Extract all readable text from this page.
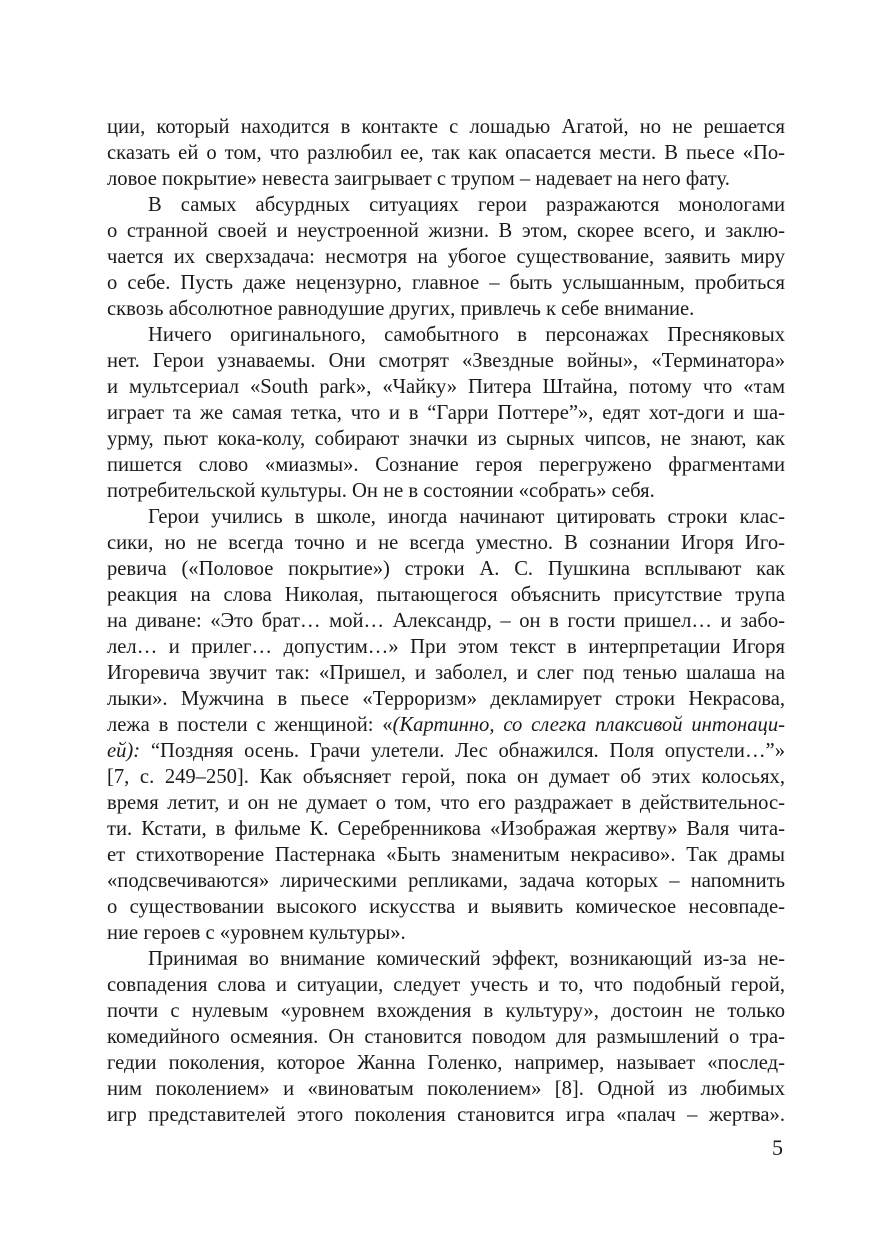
ции, который находится в контакте с лошадью Агатой, но не решается
сказать ей о том, что разлюбил ее, так как опасается мести. В пьесе «По-
ловое покрытие» невеста заигрывает с трупом – надевает на него фату.
В самых абсурдных ситуациях герои разражаются монологами
о странной своей и неустроенной жизни. В этом, скорее всего, и заклю-
чается их сверхзадача: несмотря на убогое существование, заявить миру
о себе. Пусть даже нецензурно, главное – быть услышанным, пробиться
сквозь абсолютное равнодушие других, привлечь к себе внимание.
Ничего оригинального, самобытного в персонажах Пресняковых
нет. Герои узнаваемы. Они смотрят «Звездные войны», «Терминатора»
и мультсериал «South park», «Чайку» Питера Штайна, потому что «там
играет та же самая тетка, что и в “Гарри Поттере”», едят хот-доги и ша-
урму, пьют кока-колу, собирают значки из сырных чипсов, не знают, как
пишется слово «миазмы». Сознание героя перегружено фрагментами
потребительской культуры. Он не в состоянии «собрать» себя.
Герои учились в школе, иногда начинают цитировать строки клас-
сики, но не всегда точно и не всегда уместно. В сознании Игоря Иго-
ревича («Половое покрытие») строки А. С. Пушкина всплывают как
реакция на слова Николая, пытающегося объяснить присутствие трупа
на диване: «Это брат… мой… Александр, – он в гости пришел… и забо-
лел… и прилег… допустим…» При этом текст в интерпретации Игоря
Игоревича звучит так: «Пришел, и заболел, и слег под тенью шалаша на
лыки». Мужчина в пьесе «Терроризм» декламирует строки Некрасова,
лежа в постели с женщиной: «(Картинно, со слегка плаксивой интонаци-
ей): “Поздняя осень. Грачи улетели. Лес обнажился. Поля опустели…”»
[7, с. 249–250]. Как объясняет герой, пока он думает об этих колосьях,
время летит, и он не думает о том, что его раздражает в действительнос-
ти. Кстати, в фильме К. Серебренникова «Изображая жертву» Валя чита-
ет стихотворение Пастернака «Быть знаменитым некрасиво». Так драмы
«подсвечиваются» лирическими репликами, задача которых – напомнить
о существовании высокого искусства и выявить комическое несовпаде-
ние героев с «уровнем культуры».
Принимая во внимание комический эффект, возникающий из-за не-
совпадения слова и ситуации, следует учесть и то, что подобный герой,
почти с нулевым «уровнем вхождения в культуру», достоин не только
комедийного осмеяния. Он становится поводом для размышлений о тра-
гедии поколения, которое Жанна Голенко, например, называет «послед-
ним поколением» и «виноватым поколением» [8]. Одной из любимых
игр представителей этого поколения становится игра «палач – жертва».
5
